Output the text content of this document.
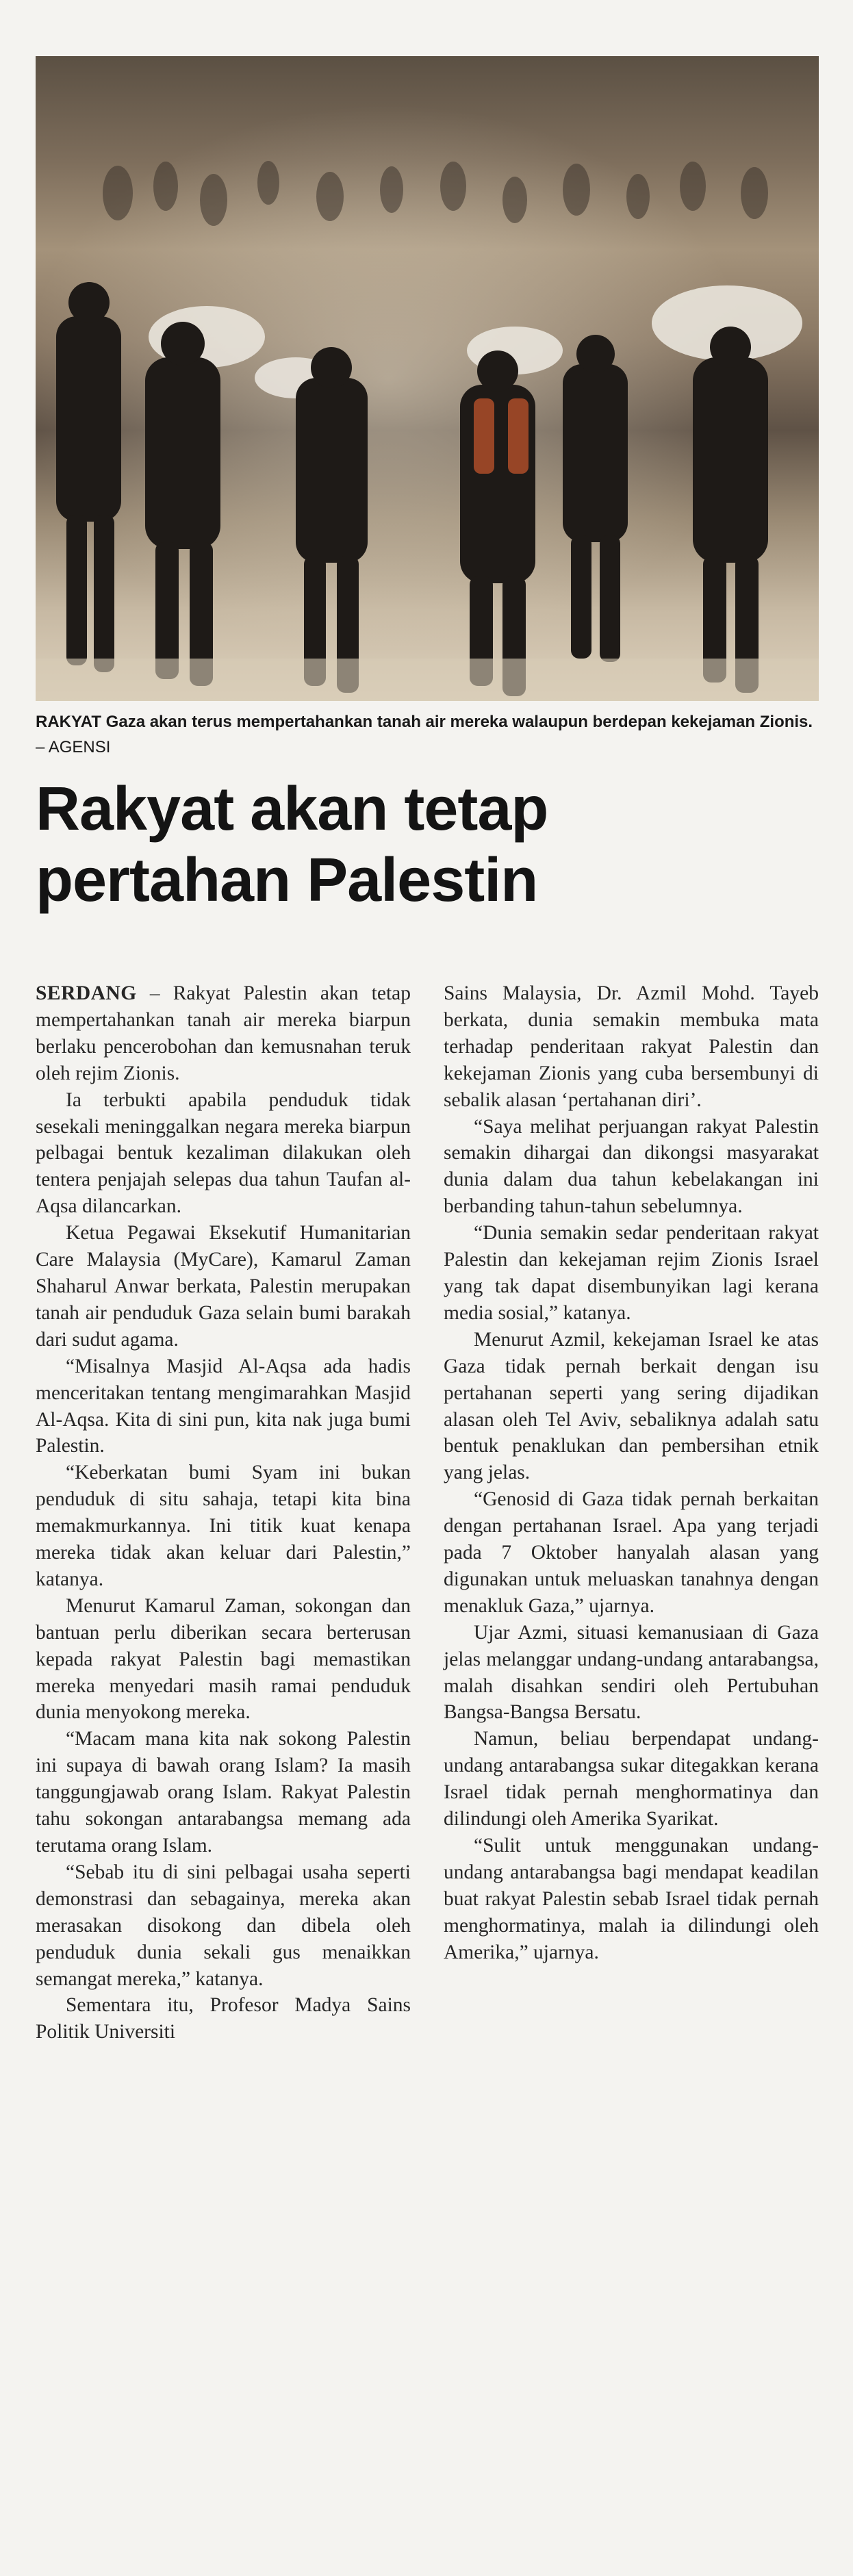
RAKYAT Gaza akan terus mempertahankan tanah air mereka walaupun berdepan kekejaman Zionis. – AGENSI
Rakyat akan tetap
pertahan Palestin

SERDANG – Rakyat Palestin akan tetap mempertahankan tanah air mereka biarpun berlaku pencerobohan dan kemusnahan teruk oleh rejim Zionis.

Ia terbukti apabila penduduk tidak sesekali meninggalkan negara mereka biarpun pelbagai bentuk kezaliman dilakukan oleh tentera penjajah selepas dua tahun Taufan al-Aqsa dilancarkan.

Ketua Pegawai Eksekutif Humanitarian Care Malaysia (MyCare), Kamarul Zaman Shaharul Anwar berkata, Palestin merupakan tanah air penduduk Gaza selain bumi barakah dari sudut agama.

“Misalnya Masjid Al-Aqsa ada hadis menceritakan tentang mengimarahkan Masjid Al-Aqsa. Kita di sini pun, kita nak juga bumi Palestin.

“Keberkatan bumi Syam ini bukan penduduk di situ sahaja, tetapi kita bina memakmurkannya. Ini titik kuat kenapa mereka tidak akan keluar dari Palestin,” katanya.

Menurut Kamarul Zaman, sokongan dan bantuan perlu diberikan secara berterusan kepada rakyat Palestin bagi memastikan mereka menyedari masih ramai penduduk dunia menyokong mereka.

“Macam mana kita nak sokong Palestin ini supaya di bawah orang Islam? Ia masih tanggungjawab orang Islam. Rakyat Palestin tahu sokongan antarabangsa memang ada terutama orang Islam.

“Sebab itu di sini pelbagai usaha seperti demonstrasi dan sebagainya, mereka akan merasakan disokong dan dibela oleh penduduk dunia sekali gus menaikkan semangat mereka,” katanya.

Sementara itu, Profesor Madya Sains Politik Universiti

Sains Malaysia, Dr. Azmil Mohd. Tayeb berkata, dunia semakin membuka mata terhadap penderitaan rakyat Palestin dan kekejaman Zionis yang cuba bersembunyi di sebalik alasan ‘pertahanan diri’.

“Saya melihat perjuangan rakyat Palestin semakin dihargai dan dikongsi masyarakat dunia dalam dua tahun kebelakangan ini berbanding tahun-tahun sebelumnya.

“Dunia semakin sedar penderitaan rakyat Palestin dan kekejaman rejim Zionis Israel yang tak dapat disembunyikan lagi kerana media sosial,” katanya.

Menurut Azmil, kekejaman Israel ke atas Gaza tidak pernah berkait dengan isu pertahanan seperti yang sering dijadikan alasan oleh Tel Aviv, sebaliknya adalah satu bentuk penaklukan dan pembersihan etnik yang jelas.

“Genosid di Gaza tidak pernah berkaitan dengan pertahanan Israel. Apa yang terjadi pada 7 Oktober hanyalah alasan yang digunakan untuk meluaskan tanahnya dengan menakluk Gaza,” ujarnya.

Ujar Azmi, situasi kemanusiaan di Gaza jelas melanggar undang-undang antarabangsa, malah disahkan sendiri oleh Pertubuhan Bangsa-Bangsa Bersatu.

Namun, beliau berpendapat undang-undang antarabangsa sukar ditegakkan kerana Israel tidak pernah menghormatinya dan dilindungi oleh Amerika Syarikat.

“Sulit untuk menggunakan undang-undang antarabangsa bagi mendapat keadilan buat rakyat Palestin sebab Israel tidak pernah menghormatinya, malah ia dilindungi oleh Amerika,” ujarnya.
